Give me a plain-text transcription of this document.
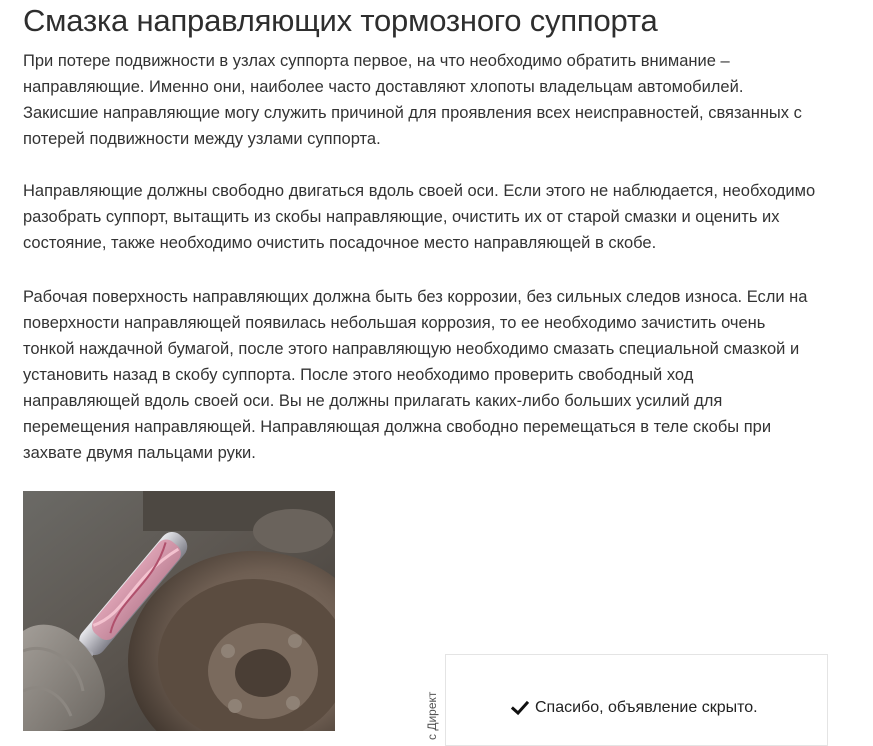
Смазка направляющих тормозного суппорта

При потере подвижности в узлах суппорта первое, на что необходимо обратить внимание –
направляющие. Именно они, наиболее часто доставляют хлопоты владельцам автомобилей.
Закисшие направляющие могу служить причиной для проявления всех неисправностей, связанных с
потерей подвижности между узлами суппорта.

Направляющие должны свободно двигаться вдоль своей оси. Если этого не наблюдается, необходимо
разобрать суппорт, вытащить из скобы направляющие, очистить их от старой смазки и оценить их
состояние, также необходимо очистить посадочное место направляющей в скобе.

Рабочая поверхность направляющих должна быть без коррозии, без сильных следов износа. Если на
поверхности направляющей появилась небольшая коррозия, то ее необходимо зачистить очень
тонкой наждачной бумагой, после этого направляющую необходимо смазать специальной смазкой и
установить назад в скобу суппорта. После этого необходимо проверить свободный ход
направляющей вдоль своей оси. Вы не должны прилагать каких-либо больших усилий для
перемещения направляющей. Направляющая должна свободно перемещаться в теле скобы при
захвате двумя пальцами руки.

с Директ	Спасибо, объявление скрыто.
